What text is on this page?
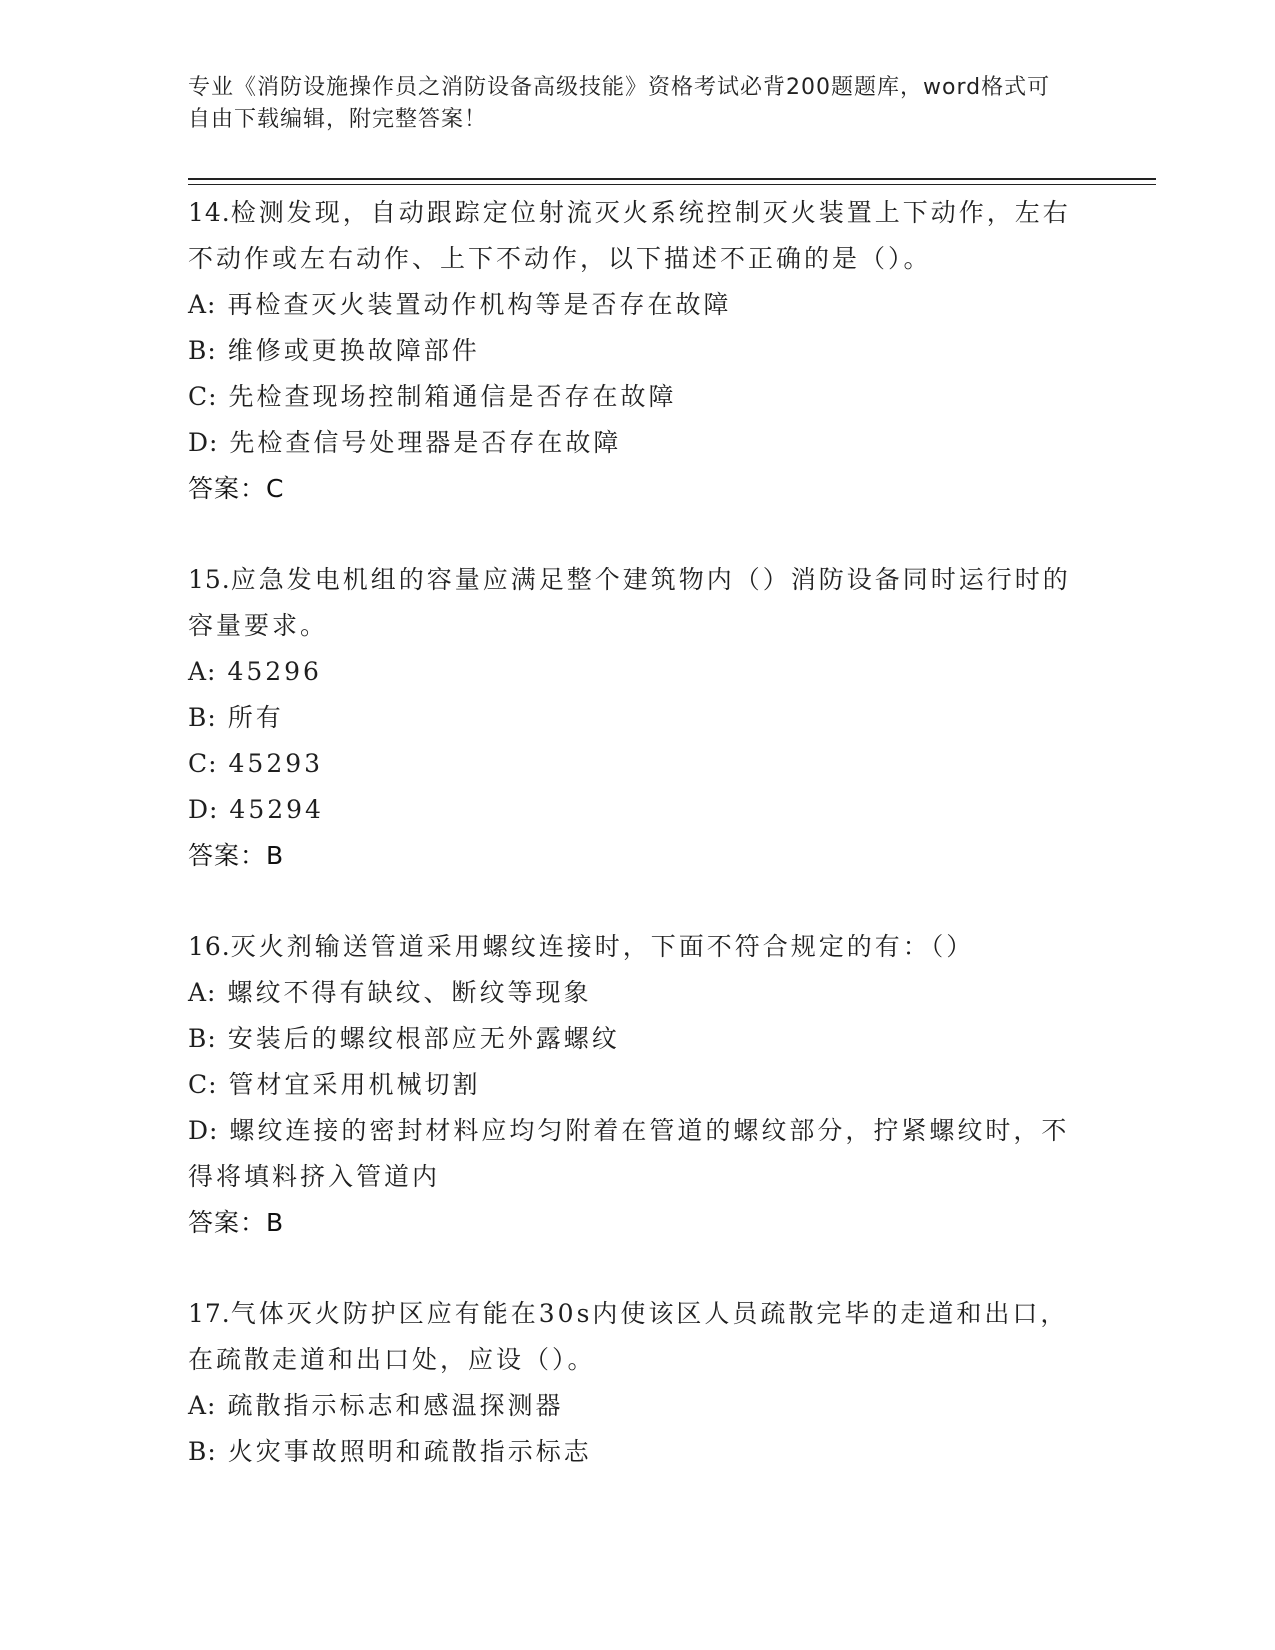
专业《消防设施操作员之消防设备高级技能》资格考试必背200题题库，word格式可自由下载编辑，附完整答案！

14.检测发现，自动跟踪定位射流灭火系统控制灭火装置上下动作，左右不动作或左右动作、上下不动作，以下描述不正确的是（）。

A: 再检查灭火装置动作机构等是否存在故障

B: 维修或更换故障部件

C: 先检查现场控制箱通信是否存在故障

D: 先检查信号处理器是否存在故障

答案：C

15.应急发电机组的容量应满足整个建筑物内（）消防设备同时运行时的容量要求。

A: 45296

B: 所有

C: 45293

D: 45294

答案：B

16.灭火剂输送管道采用螺纹连接时，下面不符合规定的有：（）

A: 螺纹不得有缺纹、断纹等现象

B: 安装后的螺纹根部应无外露螺纹

C: 管材宜采用机械切割

D: 螺纹连接的密封材料应均匀附着在管道的螺纹部分，拧紧螺纹时，不得将填料挤入管道内

答案：B

17.气体灭火防护区应有能在30s内使该区人员疏散完毕的走道和出口，在疏散走道和出口处，应设（）。

A: 疏散指示标志和感温探测器

B: 火灾事故照明和疏散指示标志
